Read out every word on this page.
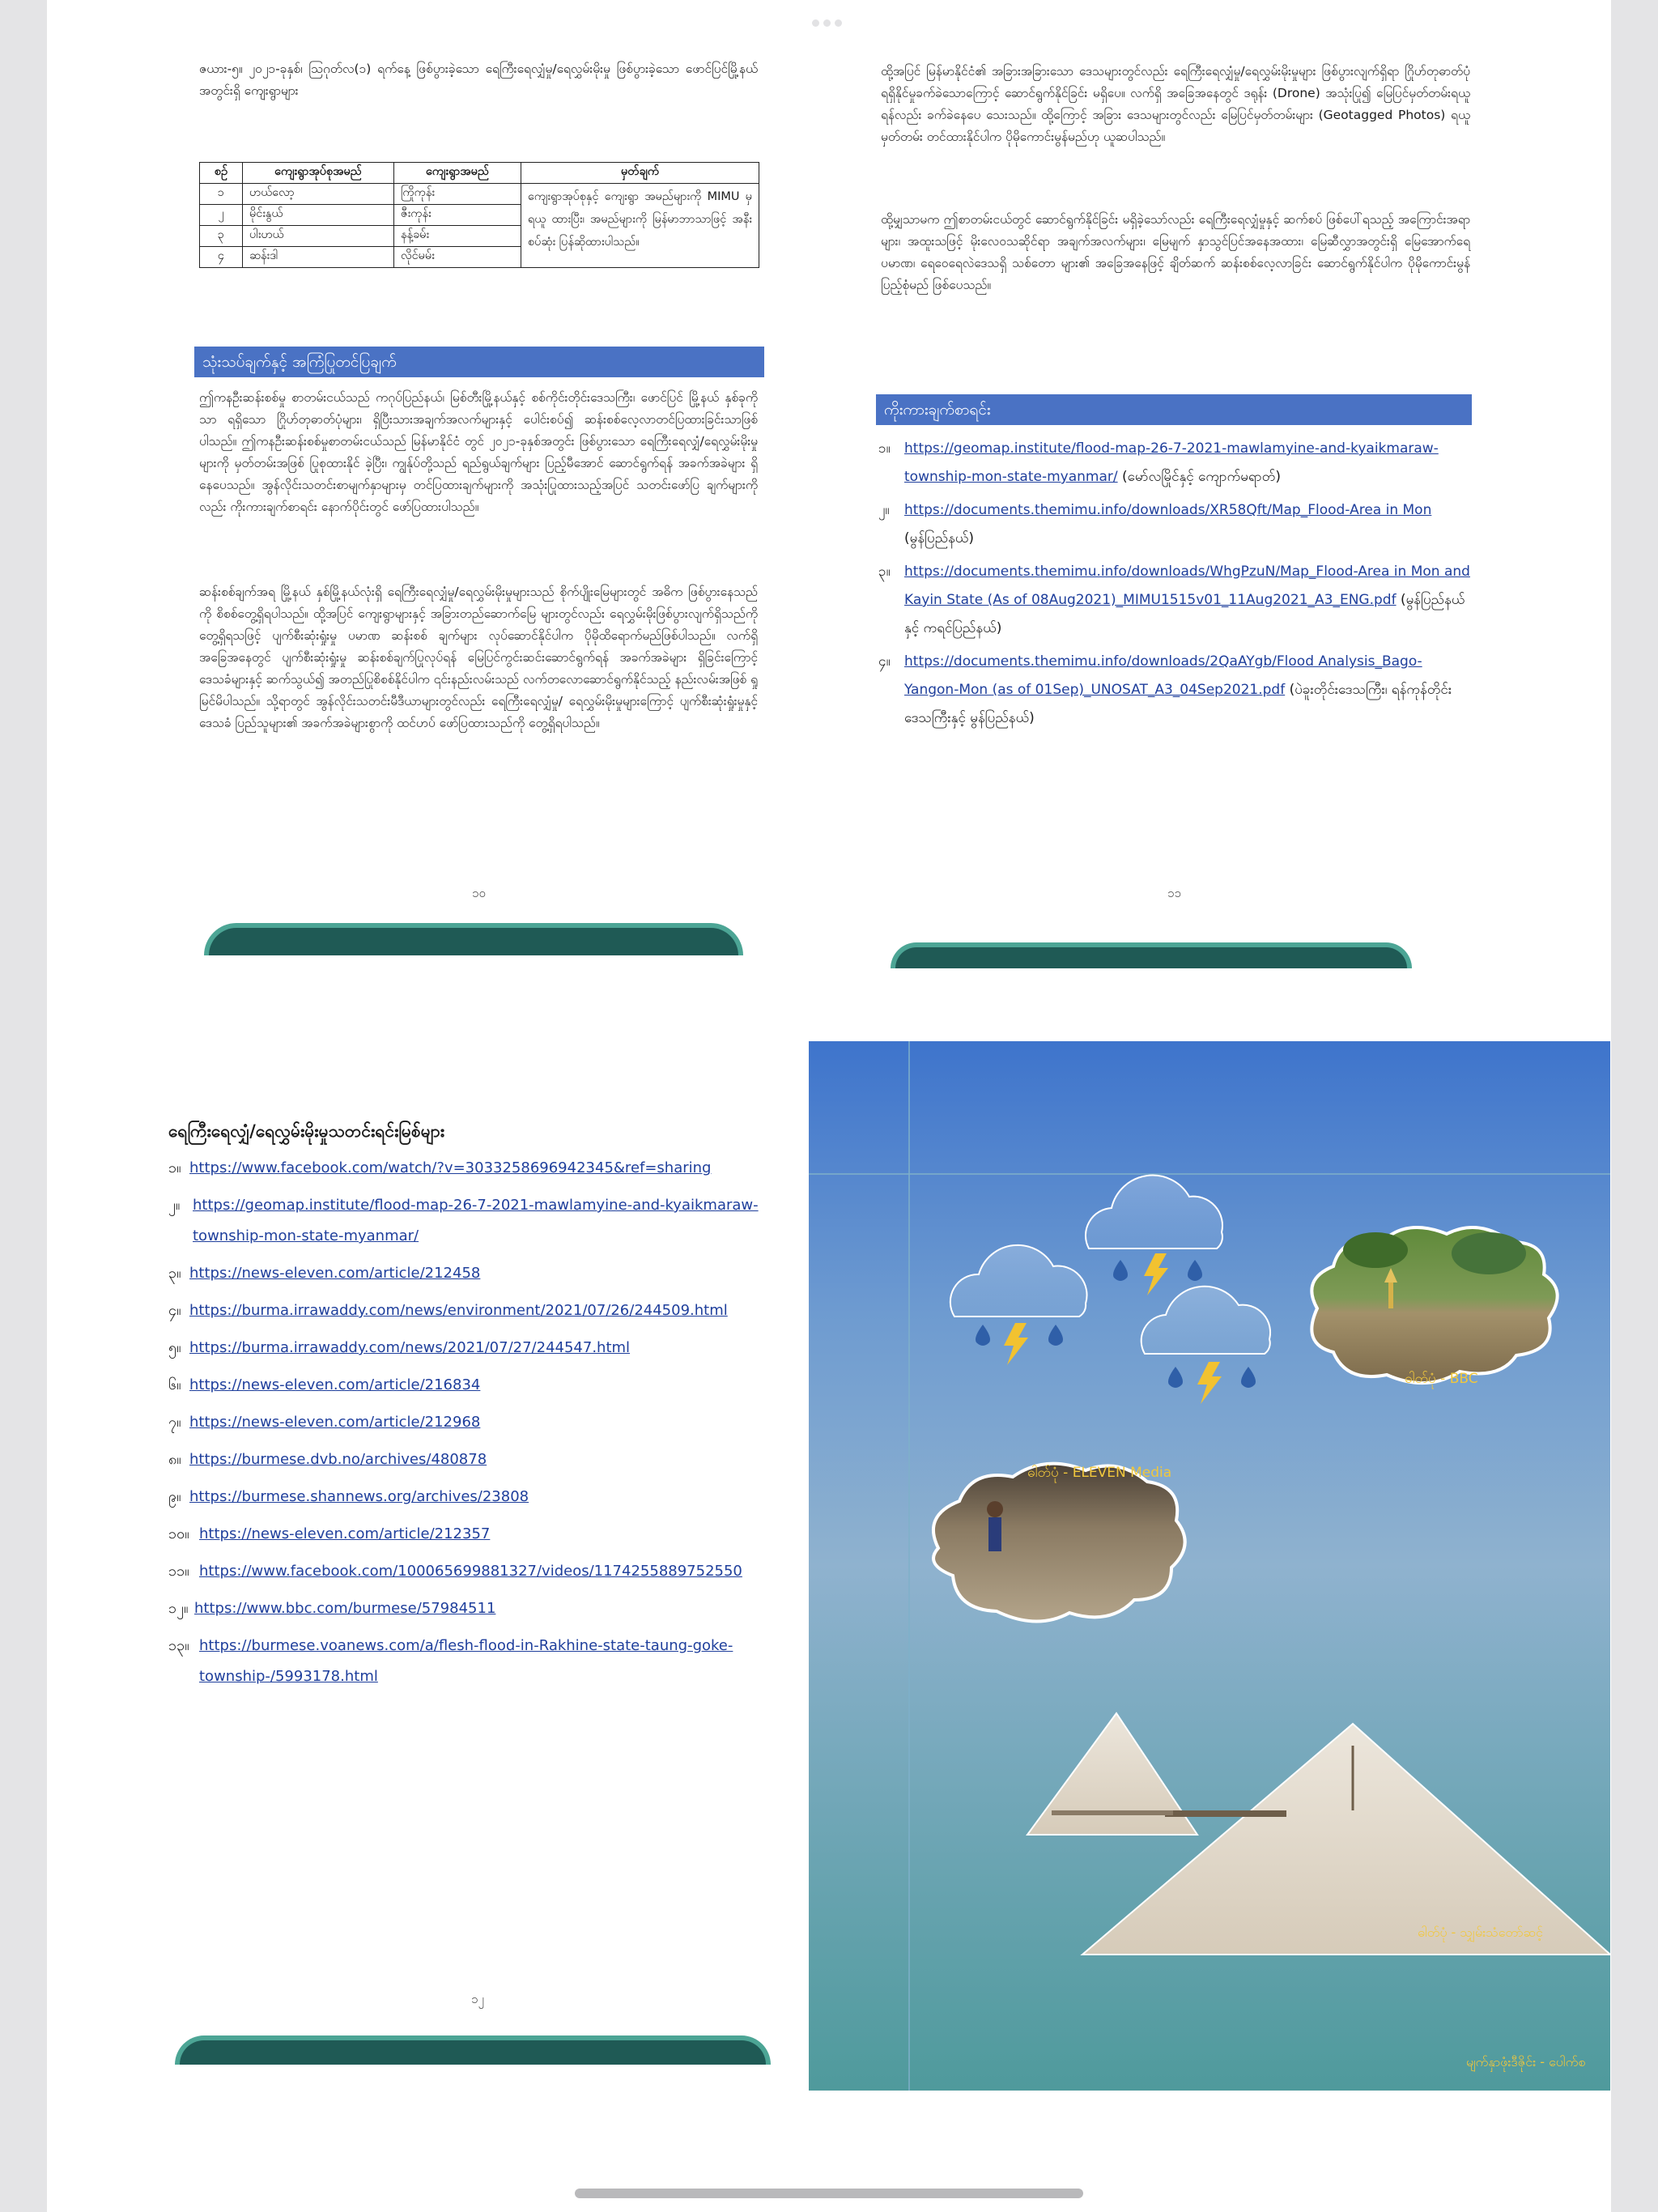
ဇယား-၅။ ၂၀၂၁-ခုနှစ်၊ ဩဂုတ်လ(၁) ရက်နေ့ ဖြစ်ပွားခဲ့သော ရေကြီးရေလျှံမှု/ရေလွှမ်းမိုးမှု ဖြစ်ပွားခဲ့သော ဖောင်ပြင်မြို့နယ်အတွင်းရှိ ကျေးရွာများ
စဉ်	ကျေးရွာအုပ်စုအမည်	ကျေးရွာအမည်	မှတ်ချက်
၁	ဟယ်လော့	ကြိုကုန်း	ကျေးရွာအုပ်စုနှင့် ကျေးရွာ အမည်များကို MIMU မှ ရယူ ထားပြီး၊ အမည်များကို မြန်မာဘာသာဖြင့် အနီးစပ်ဆုံး ပြန်ဆိုထားပါသည်။
၂	မိုင်းနွယ်	ဇီးကုန်း	
၃	ပါးဟယ်	နန့်ခမ်း	
၄	ဆန်းဒါ	လိုင်မမ်း	
သုံးသပ်ချက်နှင့် အကြံပြုတင်ပြချက်
ဤကနဦးဆန်းစစ်မှု စာတမ်းငယ်သည် ကဂုပ်ပြည်နယ်၊ မြစ်တီးမြို့နယ်နှင့် စစ်ကိုင်းတိုင်းဒေသကြီး၊ ဖောင်ပြင် မြို့နယ် နှစ်ခုကိုသာ ရရှိသော ဂြိုဟ်တုဓာတ်ပုံများ၊ ရှိပြီးသားအချက်အလက်များနှင့် ပေါင်းစပ်၍ ဆန်းစစ်လေ့လာတင်ပြထားခြင်းသာဖြစ်ပါသည်။ ဤကနဦးဆန်းစစ်မှုစာတမ်းငယ်သည် မြန်မာနိုင်ငံ တွင် ၂၀၂၁-ခုနှစ်အတွင်း ဖြစ်ပွားသော ရေကြီးရေလျှံ/ရေလွှမ်းမိုးမှုများကို မှတ်တမ်းအဖြစ် ပြုစုထားနိုင် ခဲ့ပြီး၊ ကျွန်ုပ်တို့သည် ရည်ရွယ်ချက်များ ပြည့်မီအောင် ဆောင်ရွက်ရန် အခက်အခဲများ ရှိနေပေသည်။ အွန်လိုင်းသတင်းစာမျက်နှာများမှ တင်ပြထားချက်များကို အသုံးပြုထားသည့်အပြင် သတင်းဖော်ပြ ချက်များကိုလည်း ကိုးကားချက်စာရင်း နောက်ပိုင်းတွင် ဖော်ပြထားပါသည်။
ဆန်းစစ်ချက်အရ မြို့နယ် နှစ်မြို့နယ်လုံးရှိ ရေကြီးရေလျှံမှု/ရေလွှမ်းမိုးမှုများသည် စိုက်ပျိုးမြေများတွင် အဓိက ဖြစ်ပွားနေသည်ကို စိစစ်တွေ့ရှိရပါသည်။ ထို့အပြင် ကျေးရွာများနှင့် အခြားတည်ဆောက်မြေ များတွင်လည်း ရေလွှမ်းမိုးဖြစ်ပွားလျက်ရှိသည်ကို တွေ့ရှိရသဖြင့် ပျက်စီးဆုံးရှုံးမှု ပမာဏ ဆန်းစစ် ချက်များ လုပ်ဆောင်နိုင်ပါက ပိုမိုထိရောက်မည်ဖြစ်ပါသည်။ လက်ရှိအခြေအနေတွင် ပျက်စီးဆုံးရှုံးမှု ဆန်းစစ်ချက်ပြုလုပ်ရန် မြေပြင်ကွင်းဆင်းဆောင်ရွက်ရန် အခက်အခဲများ ရှိခြင်းကြောင့် ဒေသခံများနှင့် ဆက်သွယ်၍ အတည်ပြုစိစစ်နိုင်ပါက ၎င်းနည်းလမ်းသည် လက်တလောဆောင်ရွက်နိုင်သည့် နည်းလမ်းအဖြစ် ရှုမြင်မိပါသည်။ သို့ရာတွင် အွန်လိုင်းသတင်းမီဒီယာများတွင်လည်း ရေကြီးရေလျှံမှု/ ရေလွှမ်းမိုးမှုများကြောင့် ပျက်စီးဆုံးရှုံးမှုနှင့် ဒေသခံ ပြည်သူများ၏ အခက်အခဲများစွာကို ထင်ဟပ် ဖော်ပြထားသည်ကို တွေ့ရှိရပါသည်။
၁၀
ထို့အပြင် မြန်မာနိုင်ငံ၏ အခြားအခြားသော ဒေသများတွင်လည်း ရေကြီးရေလျှံမှု/ရေလွှမ်းမိုးမှုများ ဖြစ်ပွားလျက်ရှိရာ ဂြိုဟ်တုဓာတ်ပုံရရှိနိုင်မှုခက်ခဲသောကြောင့် ဆောင်ရွက်နိုင်ခြင်း မရှိပေ။ လက်ရှိ အခြေအနေတွင် ဒရုန်း (Drone) အသုံးပြု၍ မြေပြင်မှတ်တမ်းရယူရန်လည်း ခက်ခဲနေပေ သေးသည်။ ထို့ကြောင့် အခြား ဒေသများတွင်လည်း မြေပြင်မှတ်တမ်းများ (Geotagged Photos) ရယူမှတ်တမ်း တင်ထားနိုင်ပါက ပိုမိုကောင်းမွန်မည်ဟု ယူဆပါသည်။
ထို့မျှသာမက ဤစာတမ်းငယ်တွင် ဆောင်ရွက်နိုင်ခြင်း မရှိခဲ့သော်လည်း ရေကြီးရေလျှံမှုနှင့် ဆက်စပ် ဖြစ်ပေါ်ရသည့် အကြောင်းအရာများ၊ အထူးသဖြင့် မိုးလေဝသဆိုင်ရာ အချက်အလက်များ၊ မြေမျက် နှာသွင်ပြင်အနေအထား၊ မြေဆီလွှာအတွင်းရှိ မြေအောက်ရေပမာဏ၊ ရေဝေရေလဲဒေသရှိ သစ်တော များ၏ အခြေအနေဖြင့် ချိတ်ဆက် ဆန်းစစ်လေ့လာခြင်း ဆောင်ရွက်နိုင်ပါက ပိုမိုကောင်းမွန်ပြည့်စုံမည် ဖြစ်ပေသည်။
ကိုးကားချက်စာရင်း
၁။ https://geomap.institute/flood-map-26-7-2021-mawlamyine-and-kyaikmaraw-township-mon-state-myanmar/ (မော်လမြိုင်နှင့် ကျောက်မရာတ်)
၂။ https://documents.themimu.info/downloads/XR58Qft/Map_Flood-Area in Mon (မွန်ပြည်နယ်)
၃။ https://documents.themimu.info/downloads/WhgPzuN/Map_Flood-Area in Mon and Kayin State (As of 08Aug2021)_MIMU1515v01_11Aug2021_A3_ENG.pdf (မွန်ပြည်နယ်နှင့် ကရင်ပြည်နယ်)
၄။ https://documents.themimu.info/downloads/2QaAYgb/Flood Analysis_Bago-Yangon-Mon (as of 01Sep)_UNOSAT_A3_04Sep2021.pdf (ပဲခူးတိုင်းဒေသကြီး၊ ရန်ကုန်တိုင်းဒေသကြီးနှင့် မွန်ပြည်နယ်)
၁၁
ရေကြီးရေလျှံ/ရေလွှမ်းမိုးမှုသတင်းရင်းမြစ်များ
၁။ https://www.facebook.com/watch/?v=3033258696942345&ref=sharing
၂။ https://geomap.institute/flood-map-26-7-2021-mawlamyine-and-kyaikmaraw-township-mon-state-myanmar/
၃။ https://news-eleven.com/article/212458
၄။ https://burma.irrawaddy.com/news/environment/2021/07/26/244509.html
၅။ https://burma.irrawaddy.com/news/2021/07/27/244547.html
၆။ https://news-eleven.com/article/216834
၇။ https://news-eleven.com/article/212968
၈။ https://burmese.dvb.no/archives/480878
၉။ https://burmese.shannews.org/archives/23808
၁၀။ https://news-eleven.com/article/212357
၁၁။ https://www.facebook.com/100065699881327/videos/1174255889752550
၁၂။ https://www.bbc.com/burmese/57984511
၁၃။ https://burmese.voanews.com/a/flesh-flood-in-Rakhine-state-taung-goke-township-/5993178.html
၁၂
ဓါတ်ပုံ - BBC
ဓါတ်ပုံ - ELEVEN Media
ဓါတ်ပုံ - သျှမ်းသံတော်ဆင့်
မျက်နှာဖုံးဒီဇိုင်း - ပေါက်စ
